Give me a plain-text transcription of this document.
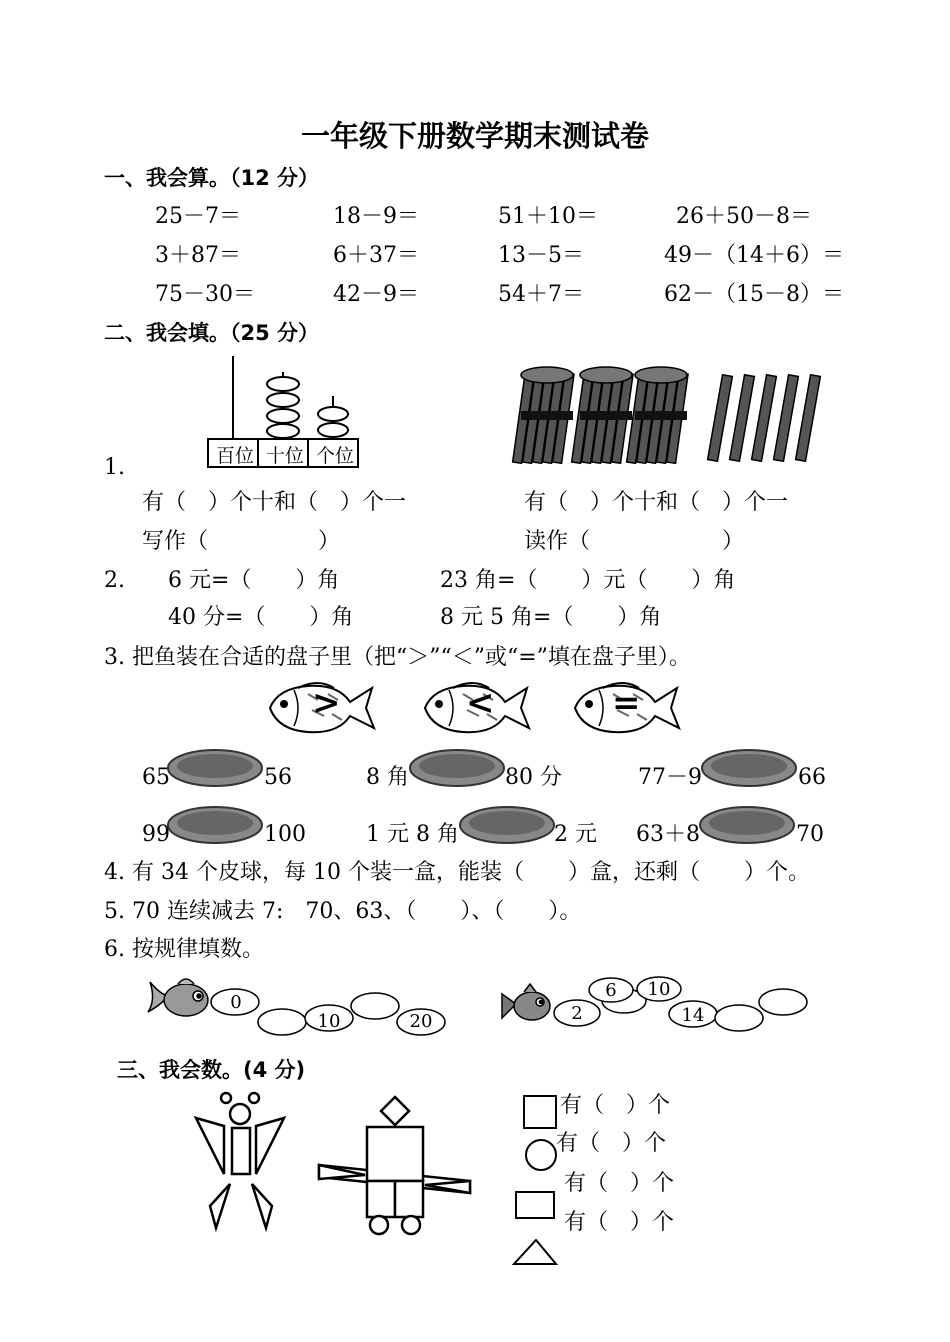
一年级下册数学期末测试卷
一、我会算。（12 分）
25－7＝	18－9＝	51＋10＝	26＋50－8＝
3＋87＝	6＋37＝	13－5＝	49－（14＋6）＝
75－30＝	42－9＝	54＋7＝	62－（15－8）＝
二、我会填。（25 分）
百位 十位 个位
1.
有（　）个十和（　）个一
写作（　　　　　）
有（　）个十和（　）个一
读作（　　　　　　）
2. 6 元=（　　）角	23 角=（　　）元（　　）角
40 分=（　　）角	8 元 5 角=（　　）角
3. 把鱼装在合适的盘子里（把“＞”“＜”或“=”填在盘子里）。
>	<	=
65	56	8 角	80 分	77－9	66
99	100	1 元 8 角	2 元 63＋8	70
4. 有 34 个皮球，每 10 个装一盒，能装（　　）盒，还剩（　　）个。
5. 70 连续减去 7:　70、63、（　　）、（　　）。
6. 按规律填数。
0
10	20
6	10
2	14
三、我会数。(4 分)
有（　）个
有（　）个
有（　）个
有（　）个
